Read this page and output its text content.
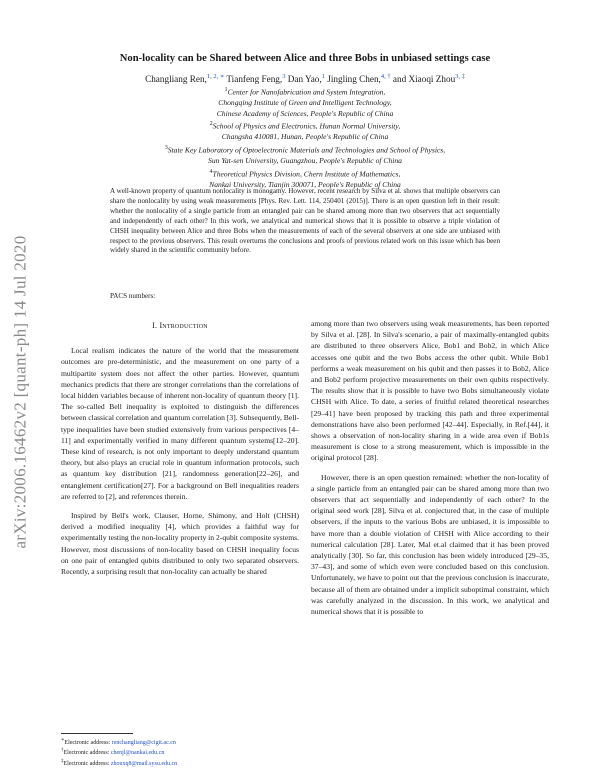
arXiv:2006.16462v2 [quant-ph] 14 Jul 2020
Non-locality can be Shared between Alice and three Bobs in unbiased settings case
Changliang Ren,$^{1, 2, ∗}$ Tianfeng Feng,$^3$ Dan Yao,$^1$ Jingling Chen,$^{4, \dagger}$ and Xiaoqi Zhou$^{3, \ddagger}$
$^1$Center for Nanofabrication and System Integration,
Chongqing Institute of Green and Intelligent Technology,
Chinese Academy of Sciences, People's Republic of China
$^2$School of Physics and Electronics, Hunan Normal University,
Changsha 410081, Hunan, People's Republic of China
$^3$State Key Laboratory of Optoelectronic Materials and Technologies and School of Physics,
Sun Yat-sen University, Guangzhou, People's Republic of China
$^4$Theoretical Physics Division, Chern Institute of Mathematics,
Nankai University, Tianjin 300071, People's Republic of China
A well-known property of quantum nonlocality is monogamy. However, recent research by Silva et al. shows that multiple observers can share the nonlocality by using weak measurements [Phys. Rev. Lett. 114, 250401 (2015)]. There is an open question left in their result: whether the nonlocality of a single particle from an entangled pair can be shared among more than two observers that act sequentially and independently of each other? In this work, we analytical and numerical shows that it is possible to observe a triple violation of CHSH inequality between Alice and three Bobs when the measurements of each of the several observers at one side are unbiased with respect to the previous observers. This result overturns the conclusions and proofs of previous related work on this issue which has been widely shared in the scientific community before.
PACS numbers:
I. Introduction

Local realism indicates the nature of the world that the measurement outcomes are pre-deterministic, and the measurement on one party of a multipartite system does not affect the other parties. However, quantum mechanics predicts that there are stronger correlations than the correlations of local hidden variables because of inherent non-locality of quantum theory [1]. The so-called Bell inequality is exploited to distinguish the differences between classical correlation and quantum correlation [3]. Subsequently, Bell-type inequalities have been studied extensively from various perspectives [4–11] and experimentally verified in many different quantum systems[12–20]. These kind of research, is not only important to deeply understand quantum theory, but also plays an crucial role in quantum information protocols, such as quantum key distribution [21], randomness generation[22–26], and entanglement certification[27]. For a background on Bell inequalities readers are referred to [2], and references therein.

Inspired by Bell's work, Clauser, Horne, Shimony, and Holt (CHSH) derived a modified inequality [4], which provides a faithful way for experimentally testing the non-locality property in 2-qubit composite systems. However, most discussions of non-locality based on CHSH inequality focus on one pair of entangled qubits distributed to only two separated observers. Recently, a surprising result that non-locality can actually be shared

among more than two observers using weak measurements, has been reported by Silva et al. [28]. In Silva's scenario, a pair of maximally-entangled qubits are distributed to three observers Alice, Bob1 and Bob2, in which Alice accesses one qubit and the two Bobs access the other qubit. While Bob1 performs a weak measurement on his qubit and then passes it to Bob2, Alice and Bob2 perform projective measurements on their own qubits respectively. The results show that it is possible to have two Bobs simultaneously violate CHSH with Alice. To date, a series of fruitful related theoretical researches [29–41] have been proposed by tracking this path and three experimental demonstrations have also been performed [42–44]. Especially, in Ref.[44], it shows a observation of non-locality sharing in a wide area even if Bob1s measurement is close to a strong measurement, which is impossible in the original protocol [28].

However, there is an open question remained: whether the non-locality of a single particle from an entangled pair can be shared among more than two observers that act sequentially and independently of each other? In the original seed work [28], Silva et al. conjectured that, in the case of multiple observers, if the inputs to the various Bobs are unbiased, it is impossible to have more than a double violation of CHSH with Alice according to their numerical calculation [28]. Later, Mal et.al claimed that it has been proved analytically [30]. So far, this conclusion has been widely introduced [29–35, 37–43], and some of which even were concluded based on this conclusion. Unfortunately, we have to point out that the previous conclusion is inaccurate, because all of them are obtained under a implicit suboptimal constraint, which was carefully analyzed in the discussion. In this work, we analytical and numerical shows that it is possible to

∗Electronic address: renchangliang@cigit.ac.cn
†Electronic address: chenjl@nankai.edu.cn
‡Electronic address: zhouxq8@mail.sysu.edu.cn
